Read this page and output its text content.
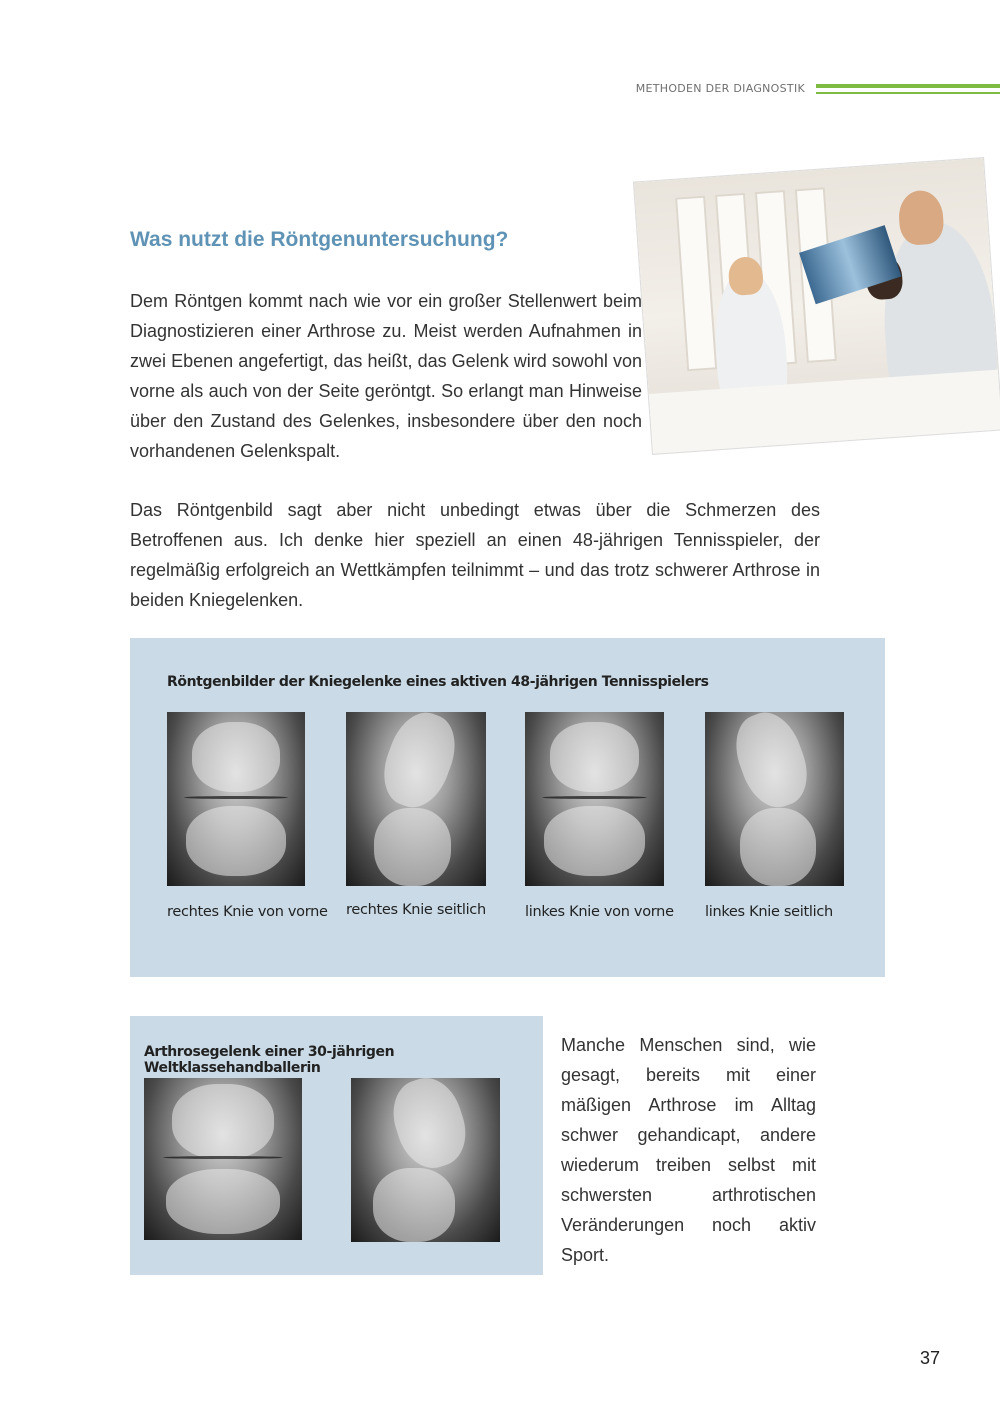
METHODEN DER DIAGNOSTIK
Was nutzt die Röntgenuntersuchung?

Dem Röntgen kommt nach wie vor ein großer Stellenwert beim Diagnostizieren einer Arthrose zu. Meist werden Aufnahmen in zwei Ebenen angefertigt, das heißt, das Gelenk wird sowohl von vorne als auch von der Seite geröntgt. So erlangt man Hinweise über den Zustand des Gelenkes, insbesondere über den noch vorhandenen Gelenkspalt.

Das Röntgenbild sagt aber nicht unbedingt etwas über die Schmerzen des Betroffenen aus. Ich denke hier speziell an einen 48-jährigen Tennisspieler, der regelmäßig erfolgreich an Wettkämpfen teilnimmt – und das trotz schwerer Arthrose in beiden Kniegelenken.

Röntgenbilder der Kniegelenke eines aktiven 48-jährigen Tennisspielers
rechtes Knie von vorne rechtes Knie seitlich	linkes Knie von vorne linkes Knie seitlich
Arthrosegelenk einer 30-jährigen Weltklassehandballerin

Manche Menschen sind, wie gesagt, bereits mit einer mäßigen Arthrose im Alltag schwer gehandicapt, andere wiederum treiben selbst mit schwersten arthrotischen Veränderungen noch aktiv Sport.

37
